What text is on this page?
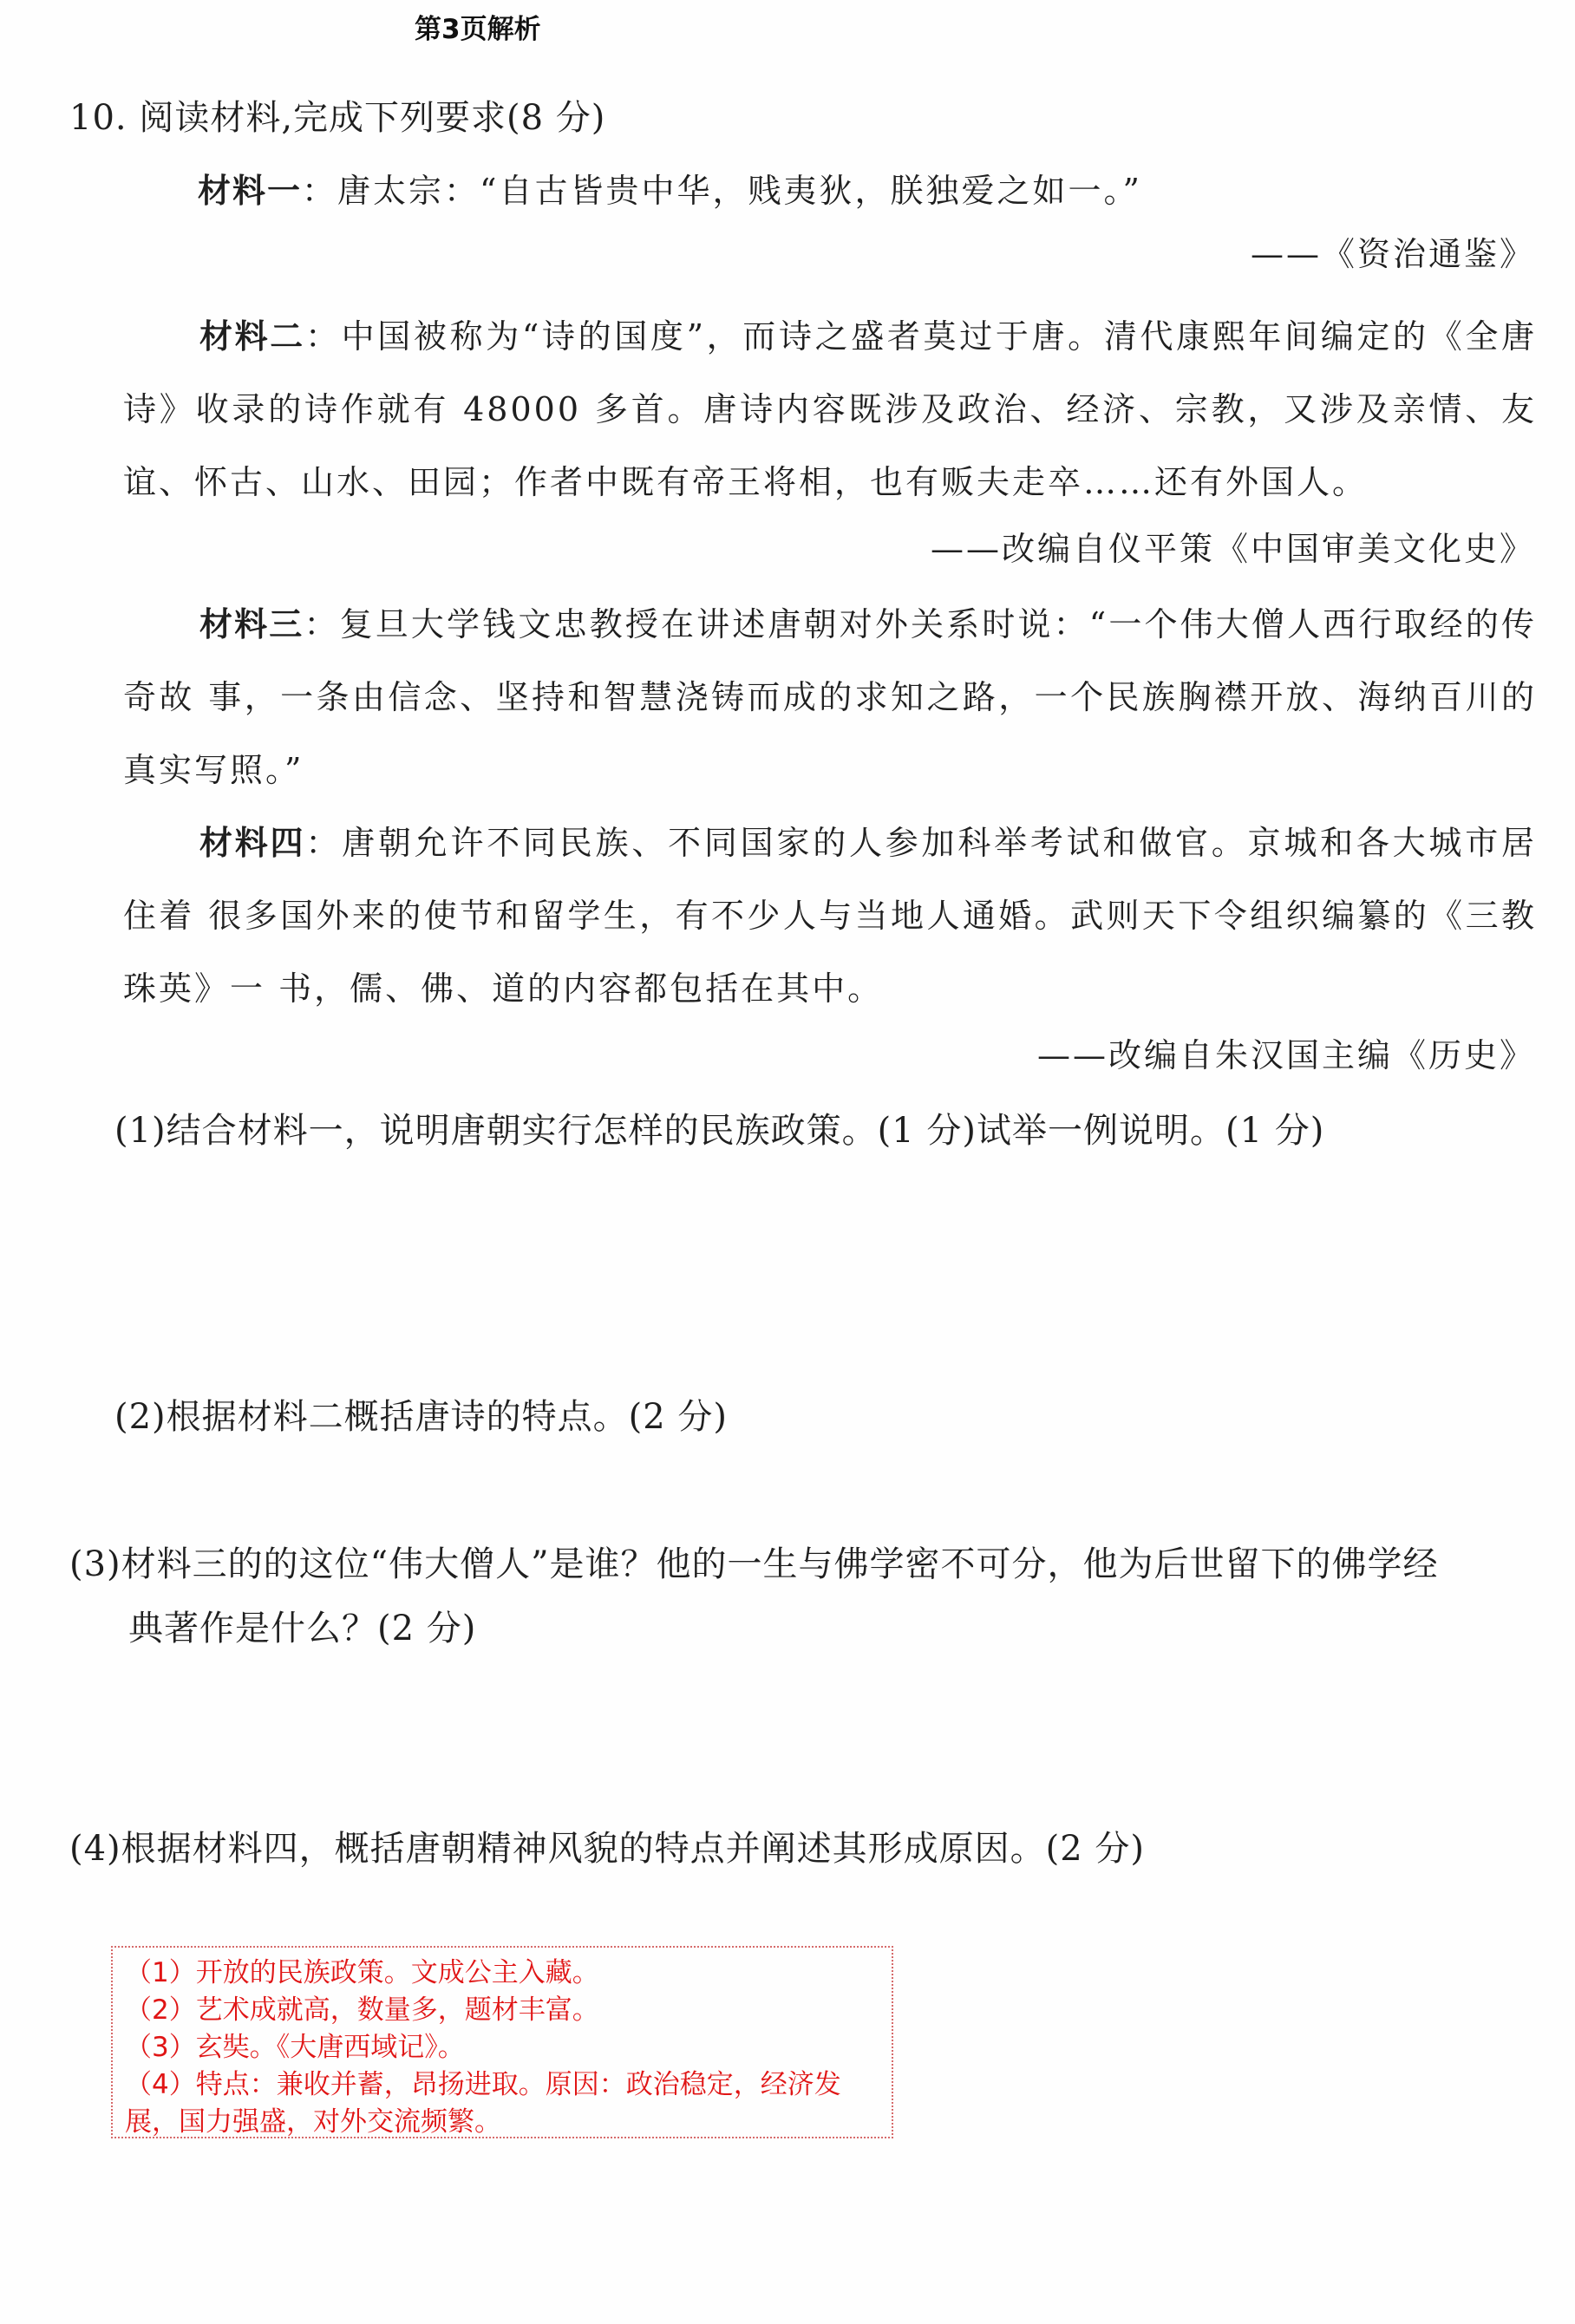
第3页解析
10. 阅读材料,完成下列要求(8 分)
材料一：唐太宗：“自古皆贵中华，贱夷狄，朕独爱之如一。”
——《资治通鉴》
材料二：中国被称为“诗的国度”，而诗之盛者莫过于唐。清代康熙年间编定的《全唐诗》收录的诗作就有 48000 多首。唐诗内容既涉及政治、经济、宗教，又涉及亲情、友谊、怀古、山水、田园；作者中既有帝王将相，也有贩夫走卒……还有外国人。
——改编自仪平策《中国审美文化史》
材料三：复旦大学钱文忠教授在讲述唐朝对外关系时说：“一个伟大僧人西行取经的传奇故 事，一条由信念、坚持和智慧浇铸而成的求知之路，一个民族胸襟开放、海纳百川的真实写照。”
材料四：唐朝允许不同民族、不同国家的人参加科举考试和做官。京城和各大城市居住着 很多国外来的使节和留学生，有不少人与当地人通婚。武则天下令组织编纂的《三教珠英》一 书，儒、佛、道的内容都包括在其中。
——改编自朱汉国主编《历史》
(1)结合材料一，说明唐朝实行怎样的民族政策。(1 分)试举一例说明。(1 分)
(2)根据材料二概括唐诗的特点。(2 分)
(3)材料三的的这位“伟大僧人”是谁？他的一生与佛学密不可分，他为后世留下的佛学经
典著作是什么？(2 分)
(4)根据材料四，概括唐朝精神风貌的特点并阐述其形成原因。(2 分)
（1）开放的民族政策。文成公主入藏。
（2）艺术成就高，数量多，题材丰富。
（3）玄奘。《大唐西域记》。
（4）特点：兼收并蓄，昂扬进取。原因：政治稳定，经济发展，国力强盛，对外交流频繁。
